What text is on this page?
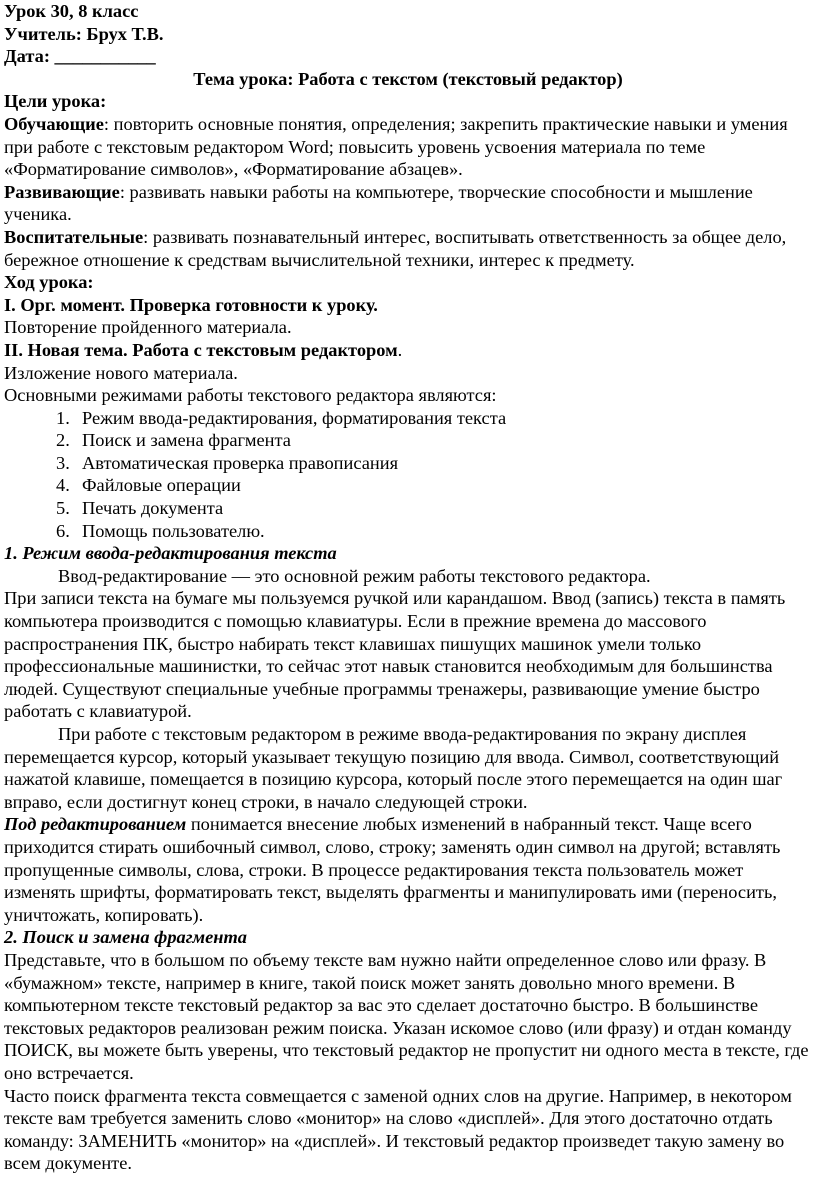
Урок 30, 8 класс

Учитель: Брух Т.В.

Дата: ___________

Тема урока: Работа с текстом (текстовый редактор)

Цели урока:

Обучающие: повторить основные понятия, определения; закрепить практические навыки и умения при работе с текстовым редактором Word; повысить уровень усвоения материала по теме «Форматирование символов», «Форматирование абзацев».

Развивающие: развивать навыки работы на компьютере, творческие способности и мышление ученика.

Воспитательные: развивать познавательный интерес, воспитывать ответственность за общее дело, бережное отношение к средствам вычислительной техники, интерес к предмету.

Ход урока:

I. Орг. момент. Проверка готовности к уроку.

Повторение пройденного материала.

II. Новая тема. Работа с текстовым редактором.

Изложение нового материала.

Основными режимами работы текстового редактора являются:

1. Режим ввода-редактирования, форматирования текста
2. Поиск и замена фрагмента
3. Автоматическая проверка правописания
4. Файловые операции
5. Печать документа
6. Помощь пользователю.

1. Режим ввода-редактирования текста

Ввод-редактирование — это основной режим работы текстового редактора.

При записи текста на бумаге мы пользуемся ручкой или карандашом. Ввод (запись) текста в память компьютера производится с помощью клавиатуры. Если в прежние времена до массового распространения ПК, быстро набирать текст клавишах пишущих машинок умели только профессиональные машинистки, то сейчас этот навык становится необходимым для большинства людей. Существуют специальные учебные программы тренажеры, развивающие умение быстро работать с клавиатурой.

При работе с текстовым редактором в режиме ввода-редактирования по экрану дисплея перемещается курсор, который указывает текущую позицию для ввода. Символ, соответствующий нажатой клавише, помещается в позицию курсора, который после этого перемещается на один шаг вправо, если достигнут конец строки, в начало следующей строки.

Под редактированием понимается внесение любых изменений в набранный текст. Чаще всего приходится стирать ошибочный символ, слово, строку; заменять один символ на другой; вставлять пропущенные символы, слова, строки. В процессе редактирования текста пользователь может изменять шрифты, форматировать текст, выделять фрагменты и манипулировать ими (переносить, уничтожать, копировать).

2. Поиск и замена фрагмента

Представьте, что в большом по объему тексте вам нужно найти определенное слово или фразу. В «бумажном» тексте, например в книге, такой поиск может занять довольно много времени. В компьютерном тексте текстовый редактор за вас это сделает достаточно быстро. В большинстве текстовых редакторов реализован режим поиска. Указан искомое слово (или фразу) и отдан команду ПОИСК, вы можете быть уверены, что текстовый редактор не пропустит ни одного места в тексте, где оно встречается.

Часто поиск фрагмента текста совмещается с заменой одних слов на другие. Например, в некотором тексте вам требуется заменить слово «монитор» на слово «дисплей». Для этого достаточно отдать команду: ЗАМЕНИТЬ «монитор» на «дисплей». И текстовый редактор произведет такую замену во всем документе.
